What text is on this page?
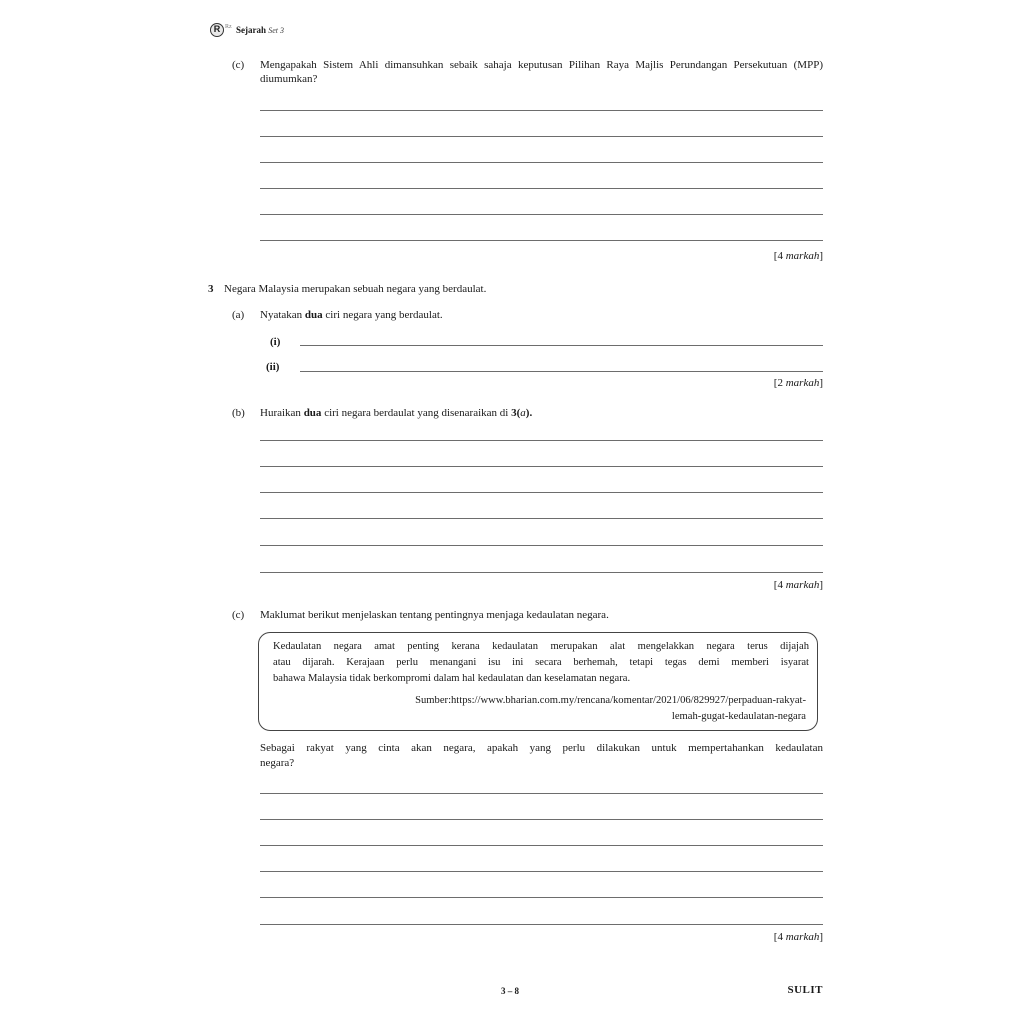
R Rz Sejarah Set 3
(c) Mengapakah Sistem Ahli dimansuhkan sebaik sahaja keputusan Pilihan Raya Majlis Perundangan Persekutuan (MPP) diumumkan?
[4 markah]
3 Negara Malaysia merupakan sebuah negara yang berdaulat.
(a) Nyatakan dua ciri negara yang berdaulat.
(i)
(ii)
[2 markah]
(b) Huraikan dua ciri negara berdaulat yang disenaraikan di 3(a).
[4 markah]
(c) Maklumat berikut menjelaskan tentang pentingnya menjaga kedaulatan negara.
Kedaulatan negara amat penting kerana kedaulatan merupakan alat mengelakkan negara terus dijajah
atau dijarah. Kerajaan perlu menangani isu ini secara berhemah, tetapi tegas demi memberi isyarat
bahawa Malaysia tidak berkompromi dalam hal kedaulatan dan keselamatan negara.
Sumber:https://www.bharian.com.my/rencana/komentar/2021/06/829927/perpaduan-rakyat-
lemah-gugat-kedaulatan-negara
Sebagai rakyat yang cinta akan negara, apakah yang perlu dilakukan untuk mempertahankan kedaulatan
negara?
[4 markah]
3 – 8	SULIT
